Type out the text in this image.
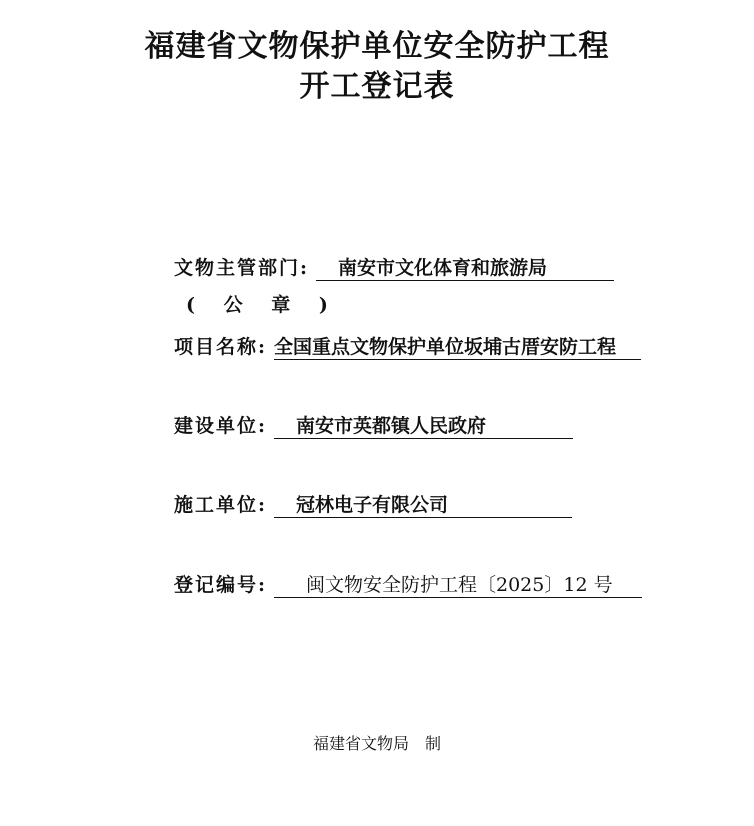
福建省文物保护单位安全防护工程
开工登记表
文物主管部门:	南安市文化体育和旅游局
( 公 章 )
项目名称: 全国重点文物保护单位坂埔古厝安防工程
建设单位:	南安市英都镇人民政府
施工单位:	冠林电子有限公司
登记编号:	闽文物安全防护工程〔2025〕12 号
福建省文物局　制
